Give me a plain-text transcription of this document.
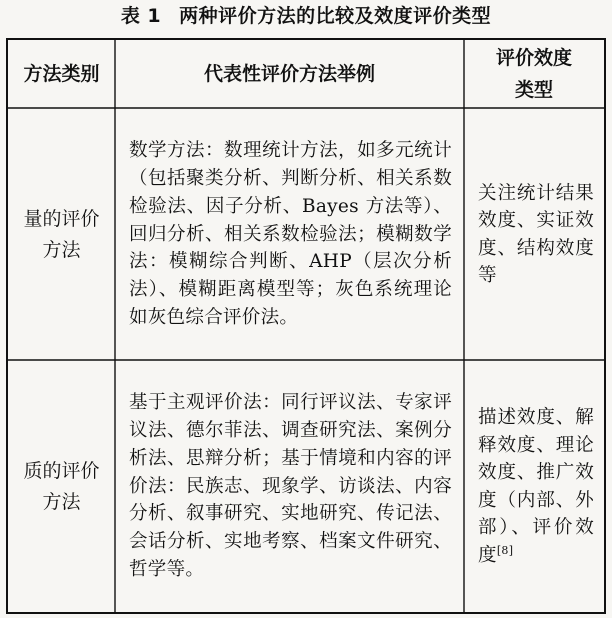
表 1 两种评价方法的比较及效度评价类型
方法类别	代表性评价方法举例
评价效度
类型
量的评价
方法
数学方法：数理统计方法，如多元统计（包括聚类分析、判断分析、相关系数检验法、因子分析、Bayes 方法等）、回归分析、相关系数检验法；模糊数学法：模糊综合判断、AHP（层次分析法）、模糊距离模型等；灰色系统理论如灰色综合评价法。
关注统计结果效度、实证效度、结构效度等
质的评价
方法
基于主观评价法：同行评议法、专家评议法、德尔菲法、调查研究法、案例分析法、思辩分析；基于情境和内容的评价法：民族志、现象学、访谈法、内容分析、叙事研究、实地研究、传记法、会话分析、实地考察、档案文件研究、哲学等。
描述效度、解释效度、理论效度、推广效度（内部、外部）、评价效度[8]
